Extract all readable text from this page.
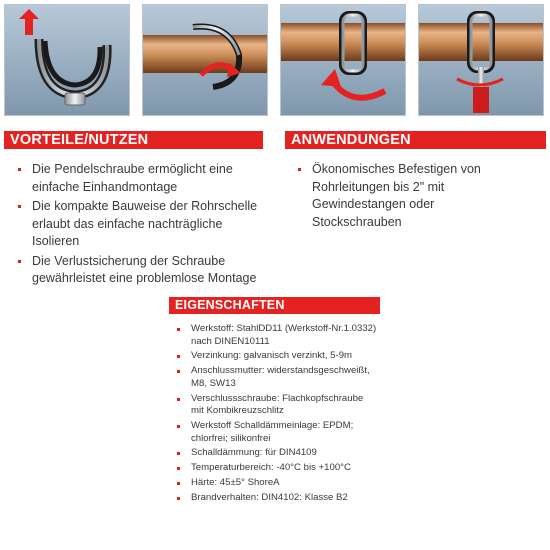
VORTEILE/NUTZEN
Die Pendelschraube ermöglicht eine einfache Einhandmontage
Die kompakte Bauweise der Rohrschelle erlaubt das einfache nachträgliche Isolieren
Die Verlustsicherung der Schraube gewährleistet eine problemlose Montage
ANWENDUNGEN
Ökonomisches Befestigen von Rohrleitungen bis 2" mit Gewindestangen oder Stockschrauben
EIGENSCHAFTEN
Werkstoff: StahlDD11 (Werkstoff-Nr.1.0332) nach DINEN10111
Verzinkung: galvanisch verzinkt, 5-9m
Anschlussmutter: widerstandsgeschweißt, M8, SW13
Verschlussschraube: Flachkopfschraube mit Kombikreuzschlitz
Werkstoff Schalldämmeinlage: EPDM; chlorfrei; silikonfrei
Schalldämmung: für DIN4109
Temperaturbereich: -40°C bis +100°C
Härte: 45±5° ShoreA
Brandverhalten: DIN4102: Klasse B2
